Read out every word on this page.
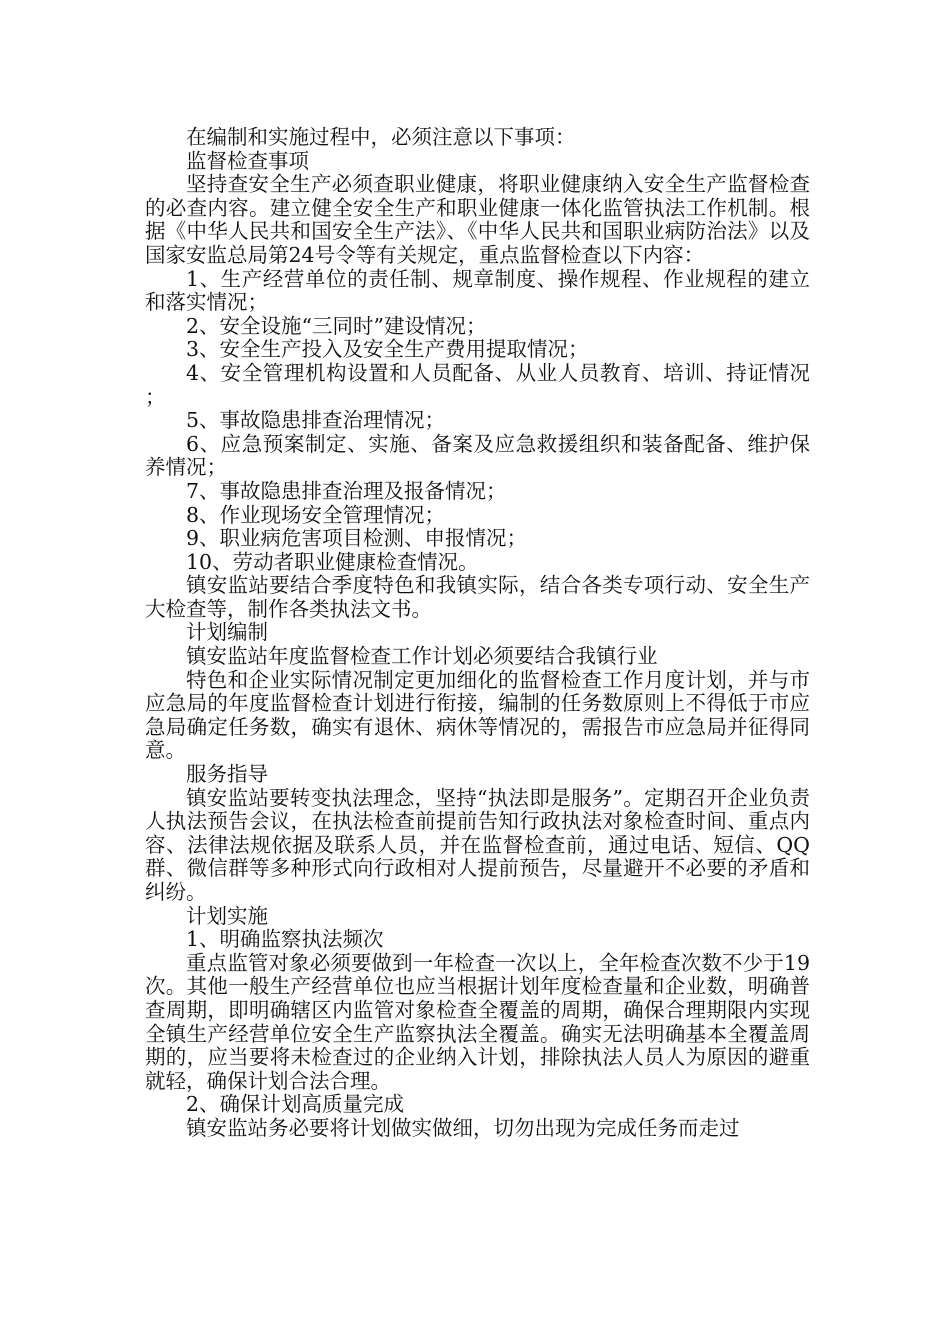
在编制和实施过程中，必须注意以下事项：

监督检查事项

坚持查安全生产必须查职业健康，将职业健康纳入安全生产监督检查的必查内容。建立健全安全生产和职业健康一体化监管执法工作机制。根据《中华人民共和国安全生产法》、《中华人民共和国职业病防治法》以及国家安监总局第24号令等有关规定，重点监督检查以下内容：

1、生产经营单位的责任制、规章制度、操作规程、作业规程的建立和落实情况；

2、安全设施“三同时”建设情况；

3、安全生产投入及安全生产费用提取情况；

4、安全管理机构设置和人员配备、从业人员教育、培训、持证情况；

5、事故隐患排查治理情况；

6、应急预案制定、实施、备案及应急救援组织和装备配备、维护保养情况；

7、事故隐患排查治理及报备情况；

8、作业现场安全管理情况；

9、职业病危害项目检测、申报情况；

10、劳动者职业健康检查情况。

镇安监站要结合季度特色和我镇实际，结合各类专项行动、安全生产大检查等，制作各类执法文书。

计划编制

镇安监站年度监督检查工作计划必须要结合我镇行业

特色和企业实际情况制定更加细化的监督检查工作月度计划，并与市应急局的年度监督检查计划进行衔接，编制的任务数原则上不得低于市应急局确定任务数，确实有退休、病休等情况的，需报告市应急局并征得同意。

服务指导

镇安监站要转变执法理念，坚持“执法即是服务”。定期召开企业负责人执法预告会议，在执法检查前提前告知行政执法对象检查时间、重点内容、法律法规依据及联系人员，并在监督检查前，通过电话、短信、QQ群、微信群等多种形式向行政相对人提前预告，尽量避开不必要的矛盾和纠纷。

计划实施

1、明确监察执法频次

重点监管对象必须要做到一年检查一次以上，全年检查次数不少于19次。其他一般生产经营单位也应当根据计划年度检查量和企业数，明确普查周期，即明确辖区内监管对象检查全覆盖的周期，确保合理期限内实现全镇生产经营单位安全生产监察执法全覆盖。确实无法明确基本全覆盖周期的，应当要将未检查过的企业纳入计划，排除执法人员人为原因的避重就轻，确保计划合法合理。

2、确保计划高质量完成

镇安监站务必要将计划做实做细，切勿出现为完成任务而走过
